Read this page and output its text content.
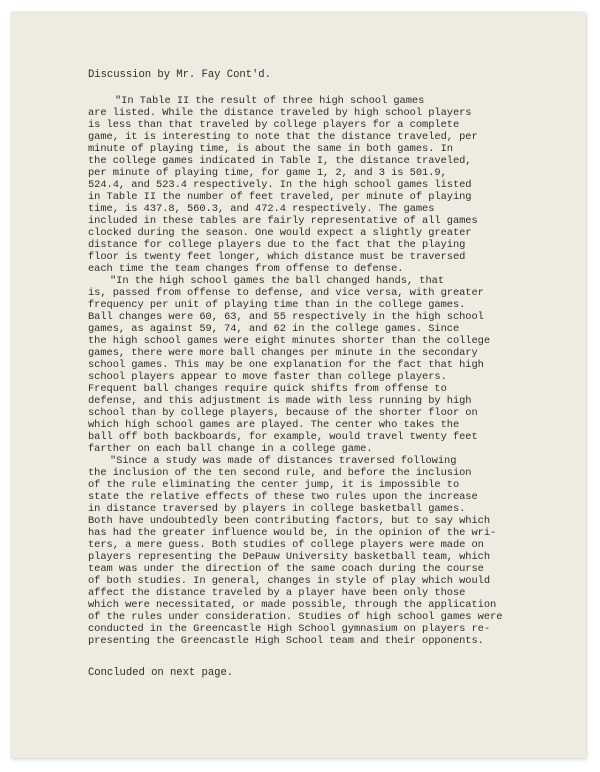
Discussion by Mr. Fay Cont'd.
"In Table II the result of three high school games
are listed. While the distance traveled by high school players
is less than that traveled by college players for a complete
game, it is interesting to note that the distance traveled, per
minute of playing time, is about the same in both games. In
the college games indicated in Table I, the distance traveled,
per minute of playing time, for game 1, 2, and 3 is 501.9,
524.4, and 523.4 respectively. In the high school games listed
in Table II the number of feet traveled, per minute of playing
time, is 437.8, 560.3, and 472.4 respectively. The games
included in these tables are fairly representative of all games
clocked during the season. One would expect a slightly greater
distance for college players due to the fact that the playing
floor is twenty feet longer, which distance must be traversed
each time the team changes from offense to defense.
"In the high school games the ball changed hands, that
is, passed from offense to defense, and vice versa, with greater
frequency per unit of playing time than in the college games.
Ball changes were 60, 63, and 55 respectively in the high school
games, as against 59, 74, and 62 in the college games. Since
the high school games were eight minutes shorter than the college
games, there were more ball changes per minute in the secondary
school games. This may be one explanation for the fact that high
school players appear to move faster than college players.
Frequent ball changes require quick shifts from offense to
defense, and this adjustment is made with less running by high
school than by college players, because of the shorter floor on
which high school games are played. The center who takes the
ball off both backboards, for example, would travel twenty feet
farther on each ball change in a college game.
"Since a study was made of distances traversed following
the inclusion of the ten second rule, and before the inclusion
of the rule eliminating the center jump, it is impossible to
state the relative effects of these two rules upon the increase
in distance traversed by players in college basketball games.
Both have undoubtedly been contributing factors, but to say which
has had the greater influence would be, in the opinion of the wri-
ters, a mere guess. Both studies of college players were made on
players representing the DePauw University basketball team, which
team was under the direction of the same coach during the course
of both studies. In general, changes in style of play which would
affect the distance traveled by a player have been only those
which were necessitated, or made possible, through the application
of the rules under consideration. Studies of high school games were
conducted in the Greencastle High School gymnasium on players re-
presenting the Greencastle High School team and their opponents.
Concluded on next page.
